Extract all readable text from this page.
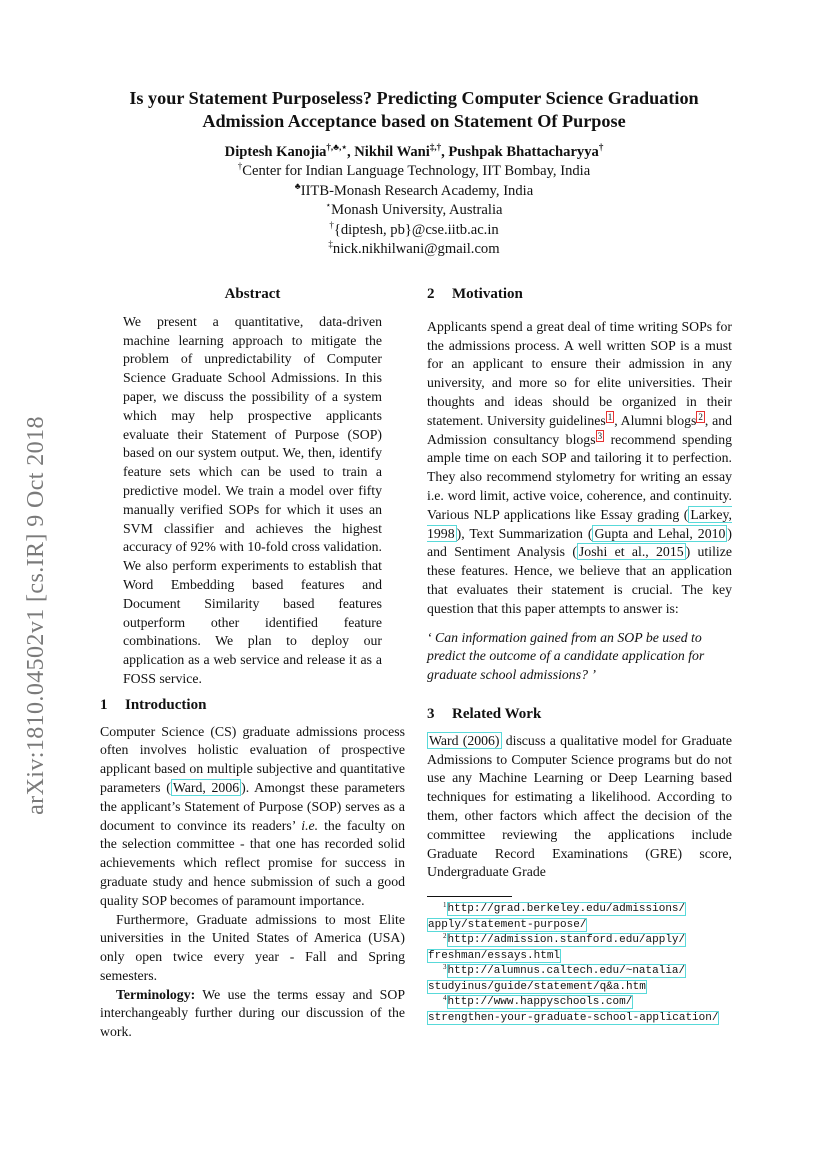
arXiv:1810.04502v1 [cs.IR] 9 Oct 2018
Is your Statement Purposeless? Predicting Computer Science Graduation
Admission Acceptance based on Statement Of Purpose
Diptesh Kanojia†,♣,⋆, Nikhil Wani‡,†, Pushpak Bhattacharyya†
†Center for Indian Language Technology, IIT Bombay, India
♣IITB-Monash Research Academy, India
⋆Monash University, Australia
†{diptesh, pb}@cse.iitb.ac.in
‡nick.nikhilwani@gmail.com
Abstract

We present a quantitative, data-driven machine learning approach to mitigate the problem of unpredictability of Computer Science Graduate School Admissions. In this paper, we discuss the possibility of a system which may help prospective applicants evaluate their Statement of Purpose (SOP) based on our system output. We, then, identify feature sets which can be used to train a predictive model. We train a model over fifty manually verified SOPs for which it uses an SVM classifier and achieves the highest accuracy of 92% with 10-fold cross validation. We also perform experiments to establish that Word Embedding based features and Document Similarity based features outperform other identified feature combinations. We plan to deploy our application as a web service and release it as a FOSS service.

1 Introduction

Computer Science (CS) graduate admissions process often involves holistic evaluation of prospective applicant based on multiple subjective and quantitative parameters ( Ward, 2006 ). Amongst these parameters the applicant’s Statement of Purpose (SOP) serves as a document to convince its readers’ i.e. the faculty on the selection committee - that one has recorded solid achievements which reflect promise for success in graduate study and hence submission of such a good quality SOP becomes of paramount importance.

Furthermore, Graduate admissions to most Elite universities in the United States of America (USA) only open twice every year - Fall and Spring semesters.

Terminology: We use the terms essay and SOP interchangeably further during our discussion of the work.

2 Motivation

Applicants spend a great deal of time writing SOPs for the admissions process. A well written SOP is a must for an applicant to ensure their admission in any university, and more so for elite universities. Their thoughts and ideas should be organized in their statement. University guidelines $^1$ , Alumni blogs $^2$ , and Admission consultancy blogs $^3$ recommend spending ample time on each SOP and tailoring it to perfection. They also recommend stylometry for writing an essay i.e. word limit, active voice, coherence, and continuity. Various NLP applications like Essay grading ( Larkey, 1998 ), Text Summarization ( Gupta and Lehal, 2010 ) and Sentiment Analysis ( Joshi et al., 2015 ) utilize these features. Hence, we believe that an application that evaluates their statement is crucial. The key question that this paper attempts to answer is:

‘ Can information gained from an SOP be used to predict the outcome of a candidate application for graduate school admissions? ’

3 Related Work

Ward (2006) discuss a qualitative model for Graduate Admissions to Computer Science programs but do not use any Machine Learning or Deep Learning based techniques for estimating a likelihood. According to them, other factors which affect the decision of the committee reviewing the applications include Graduate Record Examinations (GRE) score, Undergraduate Grade

$^1$http://grad.berkeley.edu/admissions/
apply/statement-purpose/
$^2$http://admission.stanford.edu/apply/
freshman/essays.html
$^3$http://alumnus.caltech.edu/~natalia/
studyinus/guide/statement/q&a.htm
$^4$http://www.happyschools.com/
strengthen-your-graduate-school-application/
